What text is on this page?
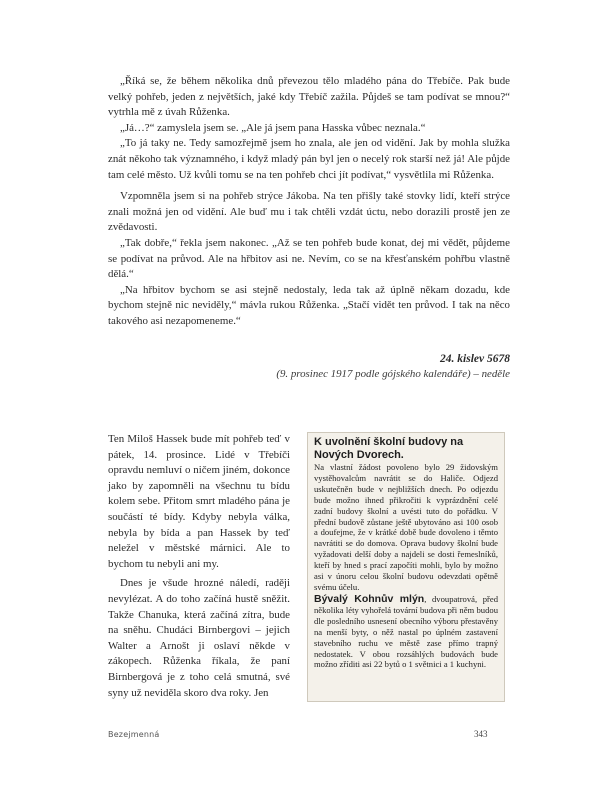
„Říká se, že během několika dnů převezou tělo mladého pána do Třebíče. Pak bude velký pohřeb, jeden z největších, jaké kdy Třebíč zažila. Půjdeš se tam podívat se mnou?“ vytrhla mě z úvah Růženka.

„Já…?“ zamyslela jsem se. „Ale já jsem pana Hasska vůbec neznala.“

„To já taky ne. Tedy samozřejmě jsem ho znala, ale jen od vidění. Jak by mohla služka znát někoho tak významného, i když mladý pán byl jen o necelý rok starší než já! Ale půjde tam celé město. Už kvůli tomu se na ten pohřeb chci jít podívat,“ vysvětlila mi Růženka.

Vzpomněla jsem si na pohřeb strýce Jákoba. Na ten přišly také stovky lidí, kteří strýce znali možná jen od vidění. Ale buď mu i tak chtěli vzdát úctu, nebo dorazili prostě jen ze zvědavosti.

„Tak dobře,“ řekla jsem nakonec. „Až se ten pohřeb bude konat, dej mi vědět, půjdeme se podívat na průvod. Ale na hřbitov asi ne. Nevím, co se na křesťanském pohřbu vlastně dělá.“

„Na hřbitov bychom se asi stejně nedostaly, leda tak až úplně někam dozadu, kde bychom stejně nic neviděly,“ mávla rukou Růženka. „Stačí vidět ten průvod. I tak na něco takového asi nezapomeneme.“

24. kislev 5678
(9. prosinec 1917 podle gójského kalendáře) – neděle

Ten Miloš Hassek bude mít pohřeb teď v pátek, 14. prosince. Lidé v Třebíči opravdu nemluví o ničem jiném, dokonce jako by zapomněli na všechnu tu bídu kolem sebe. Přitom smrt mladého pána je součástí té bídy. Kdyby nebyla válka, nebyla by bída a pan Hassek by teď neležel v městské márnici. Ale to bychom tu nebyli ani my.

Dnes je všude hrozné náledí, raději nevylézat. A do toho začíná hustě sněžit. Takže Chanuka, která začíná zítra, bude na sněhu. Chudáci Birnbergovi – jejich Walter a Arnošt ji oslaví někde v zákopech. Růženka říkala, že paní Birnbergová je z toho celá smutná, své syny už neviděla skoro dva roky. Jen

K uvolnění školní budovy na Nových Dvorech.
Na vlastní žádost povoleno bylo 29 židovským vystěhovalcům navrátit se do Haliče. Odjezd uskutečněn bude v nejbližších dnech. Po odjezdu bude možno ihned přikročiti k vyprázdnění celé zadní budovy školní a uvésti tuto do pořádku. V přední budově zůstane ještě ubytováno asi 100 osob a doufejme, že v krátké době bude dovoleno i těmto navrátiti se do domova. Oprava budovy školní bude vyžadovati delší doby a najdeli se dosti řemeslníků, kteří by hned s prací započíti mohli, bylo by možno asi v únoru celou školní budovu odevzdati opětně svému účelu.
Bývalý Kohnův mlýn, dvoupatrová, před několika léty vyhořelá tovární budova při něm budou dle posledního usnesení obecního výboru přestavěny na menší byty, o něž nastal po úplném zastavení stavebního ruchu ve městě zase přímo trapný nedostatek. V obou rozsáhlých budovách bude možno zříditi asi 22 bytů o 1 světnici a 1 kuchyni.
Bezejmenná	343
